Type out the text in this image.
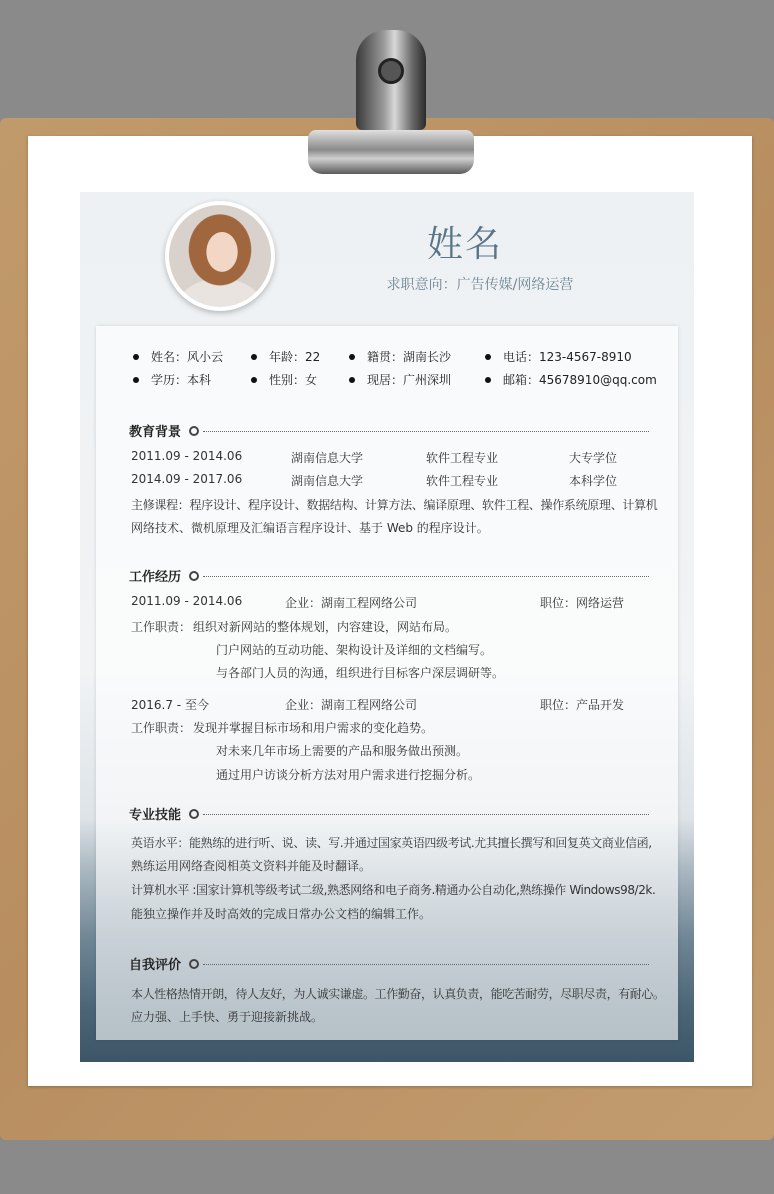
姓名
求职意向：广告传媒/网络运营
姓名：风小云	年龄：22	籍贯：湖南长沙	电话：123-4567-8910
学历：本科	性别：女	现居：广州深圳	邮箱：45678910@qq.com
教育背景
2011.09 - 2014.06	湖南信息大学	软件工程专业	大专学位
2014.09 - 2017.06	湖南信息大学	软件工程专业	本科学位
主修课程：程序设计、程序设计、数据结构、计算方法、编译原理、软件工程、操作系统原理、计算机
网络技术、微机原理及汇编语言程序设计、基于 Web 的程序设计。
工作经历
2011.09 - 2014.06	企业：湖南工程网络公司	职位：网络运营
工作职责： 组织对新网站的整体规划，内容建设，网站布局。
门户网站的互动功能、架构设计及详细的文档编写。
与各部门人员的沟通，组织进行目标客户深层调研等。
2016.7 - 至今	企业：湖南工程网络公司	职位：产品开发
工作职责： 发现并掌握目标市场和用户需求的变化趋势。
对未来几年市场上需要的产品和服务做出预测。
通过用户访谈分析方法对用户需求进行挖掘分析。
专业技能
英语水平：能熟练的进行听、说、读、写.并通过国家英语四级考试.尤其擅长撰写和回复英文商业信函,
熟练运用网络查阅相英文资料并能及时翻译。
计算机水平 :国家计算机等级考试二级,熟悉网络和电子商务.精通办公自动化,熟练操作 Windows98/2k.
能独立操作并及时高效的完成日常办公文档的编辑工作。
自我评价
本人性格热情开朗，待人友好，为人诚实谦虚。工作勤奋，认真负责，能吃苦耐劳，尽职尽责，有耐心。
应力强、上手快、勇于迎接新挑战。
